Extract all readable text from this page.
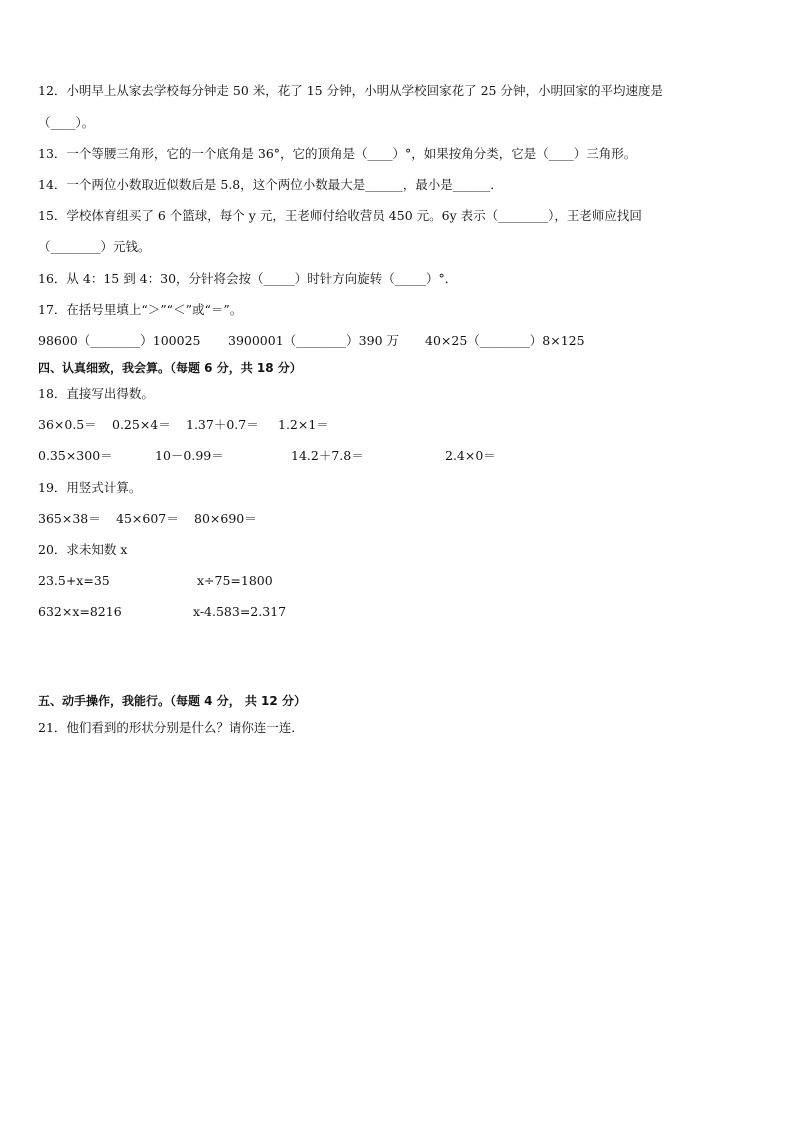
12．小明早上从家去学校每分钟走 50 米，花了 15 分钟，小明从学校回家花了 25 分钟，小明回家的平均速度是
（____）。
13．一个等腰三角形，它的一个底角是 36°，它的顶角是（____）°，如果按角分类，它是（____）三角形。
14．一个两位小数取近似数后是 5.8，这个两位小数最大是______，最小是______．
15．学校体育组买了 6 个篮球，每个 y 元，王老师付给收营员 450 元。6y 表示（________），王老师应找回
（________）元钱。
16．从 4：15 到 4：30，分针将会按（_____）时针方向旋转（_____）°．
17．在括号里填上“＞”“＜”或“＝”。
98600（________）100025 3900001（________）390 万 40×25（________）8×125
四、认真细致，我会算。（每题 6 分，共 18 分）
18．直接写出得数。
36×0.5＝ 0.25×4＝ 1.37＋0.7＝ 1.2×1＝
0.35×300＝	10－0.99＝	14.2＋7.8＝	2.4×0＝
19．用竖式计算。
365×38＝ 45×607＝ 80×690＝
20．求未知数 x
23.5+x=35	x÷75=1800
632×x=8216	x-4.583=2.317
五、动手操作，我能行。（每题 4 分， 共 12 分）
21．他们看到的形状分别是什么？请你连一连．
